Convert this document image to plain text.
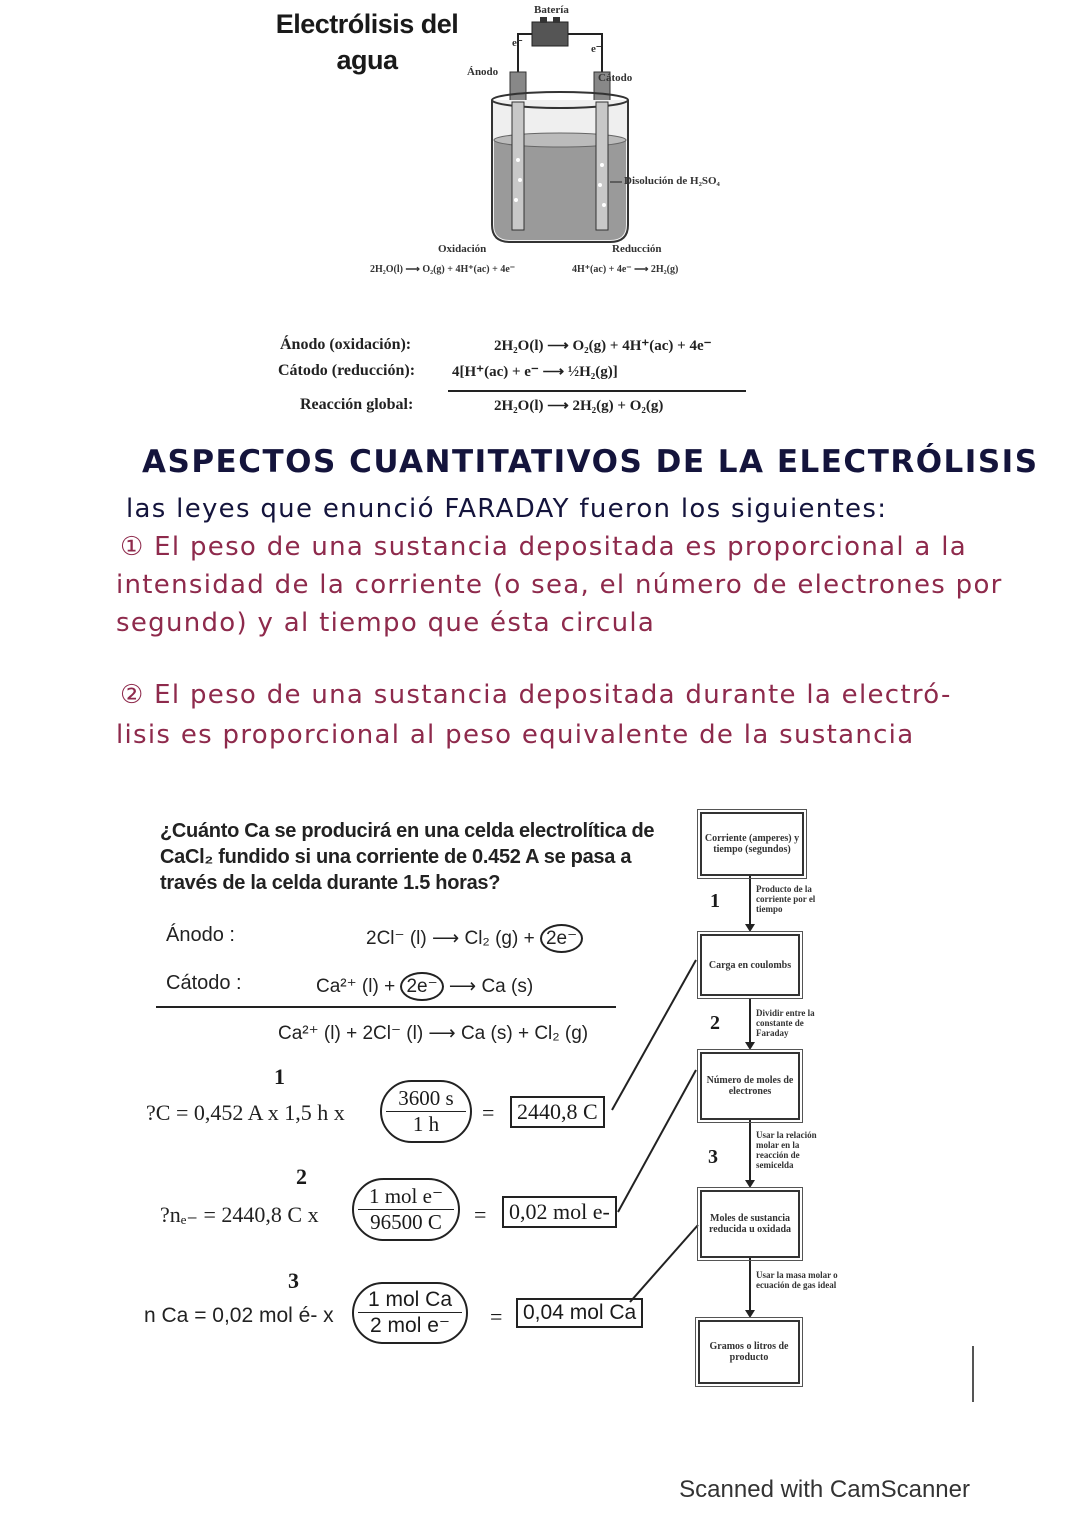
Electrólisis del
agua
Batería
Ánodo	Cátodo
e⁻	e⁻
Disolución de H₂SO₄
Oxidación
2H₂O(l) ⟶ O₂(g) + 4H⁺(ac) + 4e⁻
Reducción
4H⁺(ac) + 4e⁻ ⟶ 2H₂(g)
Ánodo (oxidación):	2H₂O(l) ⟶ O₂(g) + 4H⁺(ac) + 4e⁻
Cátodo (reducción): 4[H⁺(ac) + e⁻ ⟶ ½H₂(g)]
Reacción global:	2H₂O(l) ⟶ 2H₂(g) + O₂(g)
ASPECTOS CUANTITATIVOS DE LA ELECTRÓLISIS
las leyes que enunció FARADAY fueron los siguientes:
① El peso de una sustancia depositada es proporcional a la
intensidad de la corriente (o sea, el número de electrones por
segundo) y al tiempo que ésta circula
② El peso de una sustancia depositada durante la electró-
lisis es proporcional al peso equivalente de la sustancia
¿Cuánto Ca se producirá en una celda electrolítica de CaCl₂ fundido si una corriente de 0.452 A se pasa a través de la celda durante 1.5 horas?
Ánodo :	2Cl⁻ (l) ⟶ Cl₂ (g) + 2e⁻
Cátodo :	Ca²⁺ (l) + 2e⁻ ⟶ Ca (s)
Ca²⁺ (l) + 2Cl⁻ (l) ⟶ Ca (s) + Cl₂ (g)
1
?C = 0,452 A x 1,5 h x $\frac{3600 s}{1 h}$ =	2440,8 C
2
?nₑ₋ = 2440,8 C x
1 mol e⁻
96500 C	=	0,02 mol e-
3
n Ca = 0,02 mol é- x
1 mol Ca
2 mol e⁻	= 0,04 mol Ca
Corriente (amperes) y tiempo (segundos)
1
Producto de la corriente por el tiempo
Carga en coulombs
2	Dividir entre la constante de Faraday
Número de moles de electrones
3
Usar la relación molar en la reacción de semicelda
Moles de sustancia reducida u oxidada
Usar la masa molar o ecuación de gas ideal
Gramos o litros de producto
Scanned with CamScanner
